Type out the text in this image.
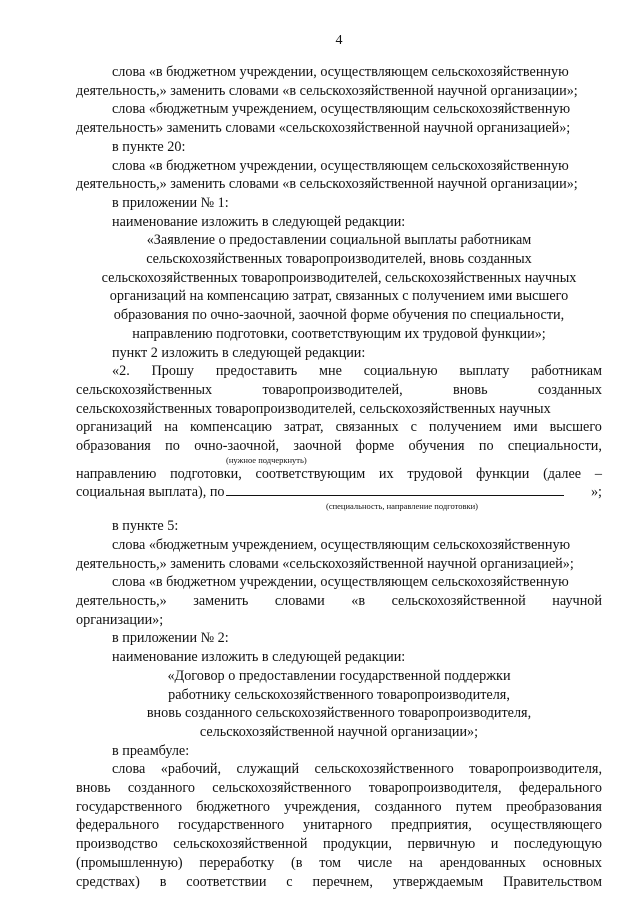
4
слова «в бюджетном учреждении, осуществляющем сельскохозяйственную
деятельность,» заменить словами «в сельскохозяйственной научной организации»;
слова «бюджетным учреждением, осуществляющим сельскохозяйственную
деятельность» заменить словами «сельскохозяйственной научной организацией»;
в пункте 20:
слова «в бюджетном учреждении, осуществляющем сельскохозяйственную
деятельность,» заменить словами «в сельскохозяйственной научной организации»;
в приложении № 1:
наименование изложить в следующей редакции:
«Заявление о предоставлении социальной выплаты работникам
сельскохозяйственных товаропроизводителей, вновь созданных
сельскохозяйственных товаропроизводителей, сельскохозяйственных научных
организаций на компенсацию затрат, связанных с получением ими высшего
образования по очно-заочной, заочной форме обучения по специальности,
направлению подготовки, соответствующим их трудовой функции»;
пункт 2 изложить в следующей редакции:
«2. Прошу предоставить мне социальную выплату работникам
сельскохозяйственных	товаропроизводителей,	вновь	созданных
сельскохозяйственных товаропроизводителей, сельскохозяйственных научных
организаций на компенсацию затрат, связанных с получением ими высшего
образования по очно-заочной, заочной форме обучения по специальности,
(нужное подчеркнуть)
направлению подготовки, соответствующим их трудовой функции (далее –
социальная выплата), по	»;
(специальность, направление подготовки)
в пункте 5:
слова «бюджетным учреждением, осуществляющим сельскохозяйственную
деятельность,» заменить словами «сельскохозяйственной научной организацией»;
слова «в бюджетном учреждении, осуществляющем сельскохозяйственную
деятельность,» заменить словами «в сельскохозяйственной научной
организации»;
в приложении № 2:
наименование изложить в следующей редакции:
«Договор о предоставлении государственной поддержки
работнику сельскохозяйственного товаропроизводителя,
вновь созданного сельскохозяйственного товаропроизводителя,
сельскохозяйственной научной организации»;
в преамбуле:
слова «рабочий, служащий сельскохозяйственного товаропроизводителя,
вновь созданного сельскохозяйственного товаропроизводителя, федерального
государственного бюджетного учреждения, созданного путем преобразования
федерального государственного унитарного предприятия, осуществляющего
производство сельскохозяйственной продукции, первичную и последующую
(промышленную) переработку (в том числе на арендованных основных
средствах) в соответствии с перечнем, утверждаемым Правительством
